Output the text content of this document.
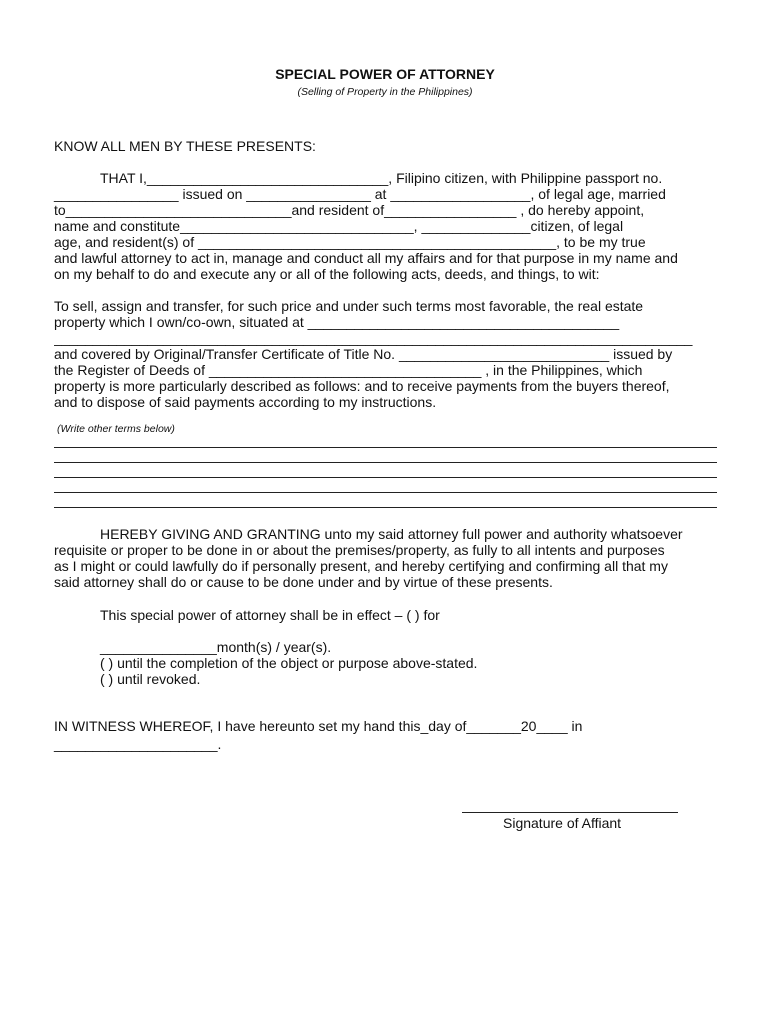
SPECIAL POWER OF ATTORNEY
(Selling of Property in the Philippines)
KNOW ALL MEN BY THESE PRESENTS:
THAT I,_______________________________, Filipino citizen, with Philippine passport no.
________________ issued on ________________ at __________________, of legal age, married
to_____________________________and resident of_________________ , do hereby appoint,
name and constitute______________________________, ______________citizen, of legal
age, and resident(s) of ______________________________________________, to be my true
and lawful attorney to act in, manage and conduct all my affairs and for that purpose in my name and
on my behalf to do and execute any or all of the following acts, deeds, and things, to wit:
To sell, assign and transfer, for such price and under such terms most favorable, the real estate
property which I own/co-own, situated at ________________________________________
__________________________________________________________________________________
and covered by Original/Transfer Certificate of Title No. ___________________________ issued by
the Register of Deeds of ___________________________________ , in the Philippines, which
property is more particularly described as follows: and to receive payments from the buyers thereof,
and to dispose of said payments according to my instructions.
(Write other terms below)
HEREBY GIVING AND GRANTING unto my said attorney full power and authority whatsoever
requisite or proper to be done in or about the premises/property, as fully to all intents and purposes
as I might or could lawfully do if personally present, and hereby certifying and confirming all that my
said attorney shall do or cause to be done under and by virtue of these presents.
This special power of attorney shall be in effect – ( ) for
_______________month(s) / year(s).
( ) until the completion of the object or purpose above-stated.
( ) until revoked.
IN WITNESS WHEREOF, I have hereunto set my hand this_day of_______20____ in
_____________________.
Signature of Affiant
